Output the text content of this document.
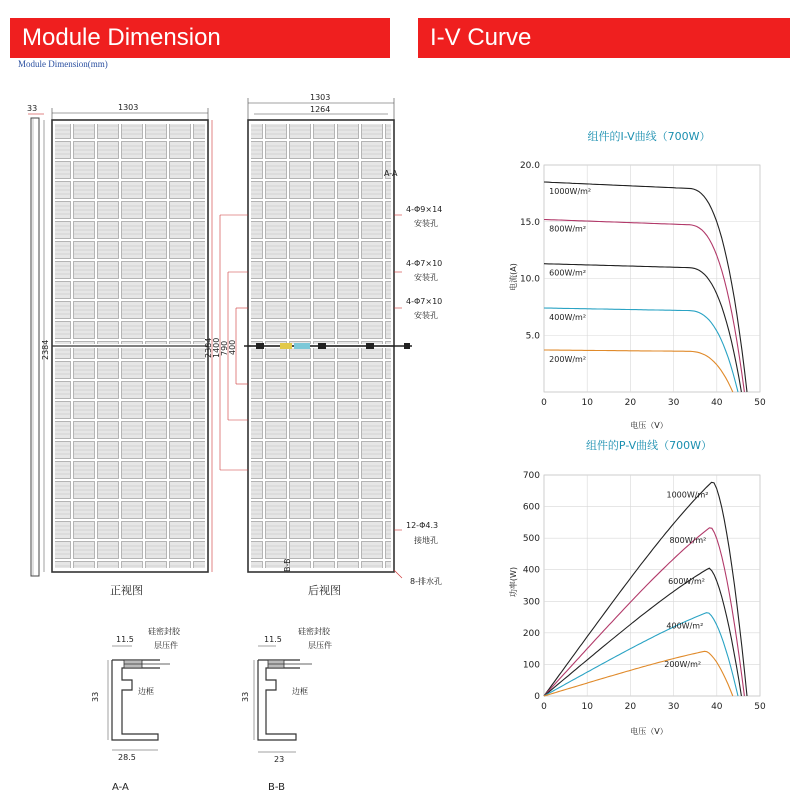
Module Dimension
Module Dimension(mm)
I-V Curve
33	1303
2384
正视图
1303
1264
2384 1400 790 400
A-A
B-B
后视图
4-Φ9×14
安装孔
4-Φ7×10
安装孔
4-Φ7×10
安装孔
12-Φ4.3
接地孔
8-排水孔
11.5
硅密封胶
层压件
边框
33
28.5
A-A
11.5
硅密封胶
层压件
边框
33
23
B-B
组件的I-V曲线（700W）
电压（V）
电流(A)
0	10	20	30	40	50
5.0
10.0
15.0
20.0
1000W/m²
800W/m²
600W/m²
400W/m²
200W/m²
组件的P-V曲线（700W）
电压（V）
功率(W)
0	10	20	30	40	50
0
100
200
300
400
500
600
700
1000W/m²
800W/m²
600W/m²
400W/m²
200W/m²
